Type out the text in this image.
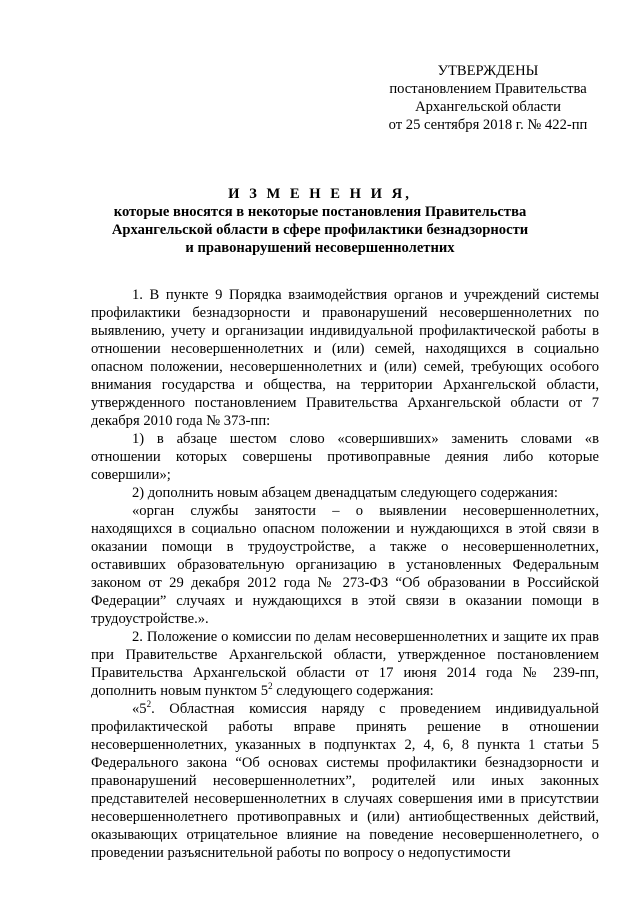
УТВЕРЖДЕНЫ
постановлением Правительства
Архангельской области
от 25 сентября 2018 г. № 422-пп
И З М Е Н Е Н И Я,
которые вносятся в некоторые постановления Правительства
Архангельской области в сфере профилактики безнадзорности
и правонарушений несовершеннолетних

1. В пункте 9 Порядка взаимодействия органов и учреждений системы профилактики безнадзорности и правонарушений несовершеннолетних по выявлению, учету и организации индивидуальной профилактической работы в отношении несовершеннолетних и (или) семей, находящихся в социально опасном положении, несовершеннолетних и (или) семей, требующих особого внимания государства и общества, на территории Архангельской области, утвержденного постановлением Правительства Архангельской области от 7 декабря 2010 года № 373-пп:

1) в абзаце шестом слово «совершивших» заменить словами «в отношении которых совершены противоправные деяния либо которые совершили»;

2) дополнить новым абзацем двенадцатым следующего содержания:

«орган службы занятости – о выявлении несовершеннолетних, находящихся в социально опасном положении и нуждающихся в этой связи в оказании помощи в трудоустройстве, а также о несовершеннолетних, оставивших образовательную организацию в установленных Федеральным законом от 29 декабря 2012 года № 273-ФЗ “Об образовании в Российской Федерации” случаях и нуждающихся в этой связи в оказании помощи в трудоустройстве.».

2. Положение о комиссии по делам несовершеннолетних и защите их прав при Правительстве Архангельской области, утвержденное постановлением Правительства Архангельской области от 17 июня 2014 года № 239-пп, дополнить новым пунктом $5^2$ следующего содержания:

«$5^2$. Областная комиссия наряду с проведением индивидуальной профилактической работы вправе принять решение в отношении несовершеннолетних, указанных в подпунктах 2, 4, 6, 8 пункта 1 статьи 5 Федерального закона “Об основах системы профилактики безнадзорности и правонарушений несовершеннолетних”, родителей или иных законных представителей несовершеннолетних в случаях совершения ими в присутствии несовершеннолетнего противоправных и (или) антиобщественных действий, оказывающих отрицательное влияние на поведение несовершеннолетнего, о проведении разъяснительной работы по вопросу о недопустимости
